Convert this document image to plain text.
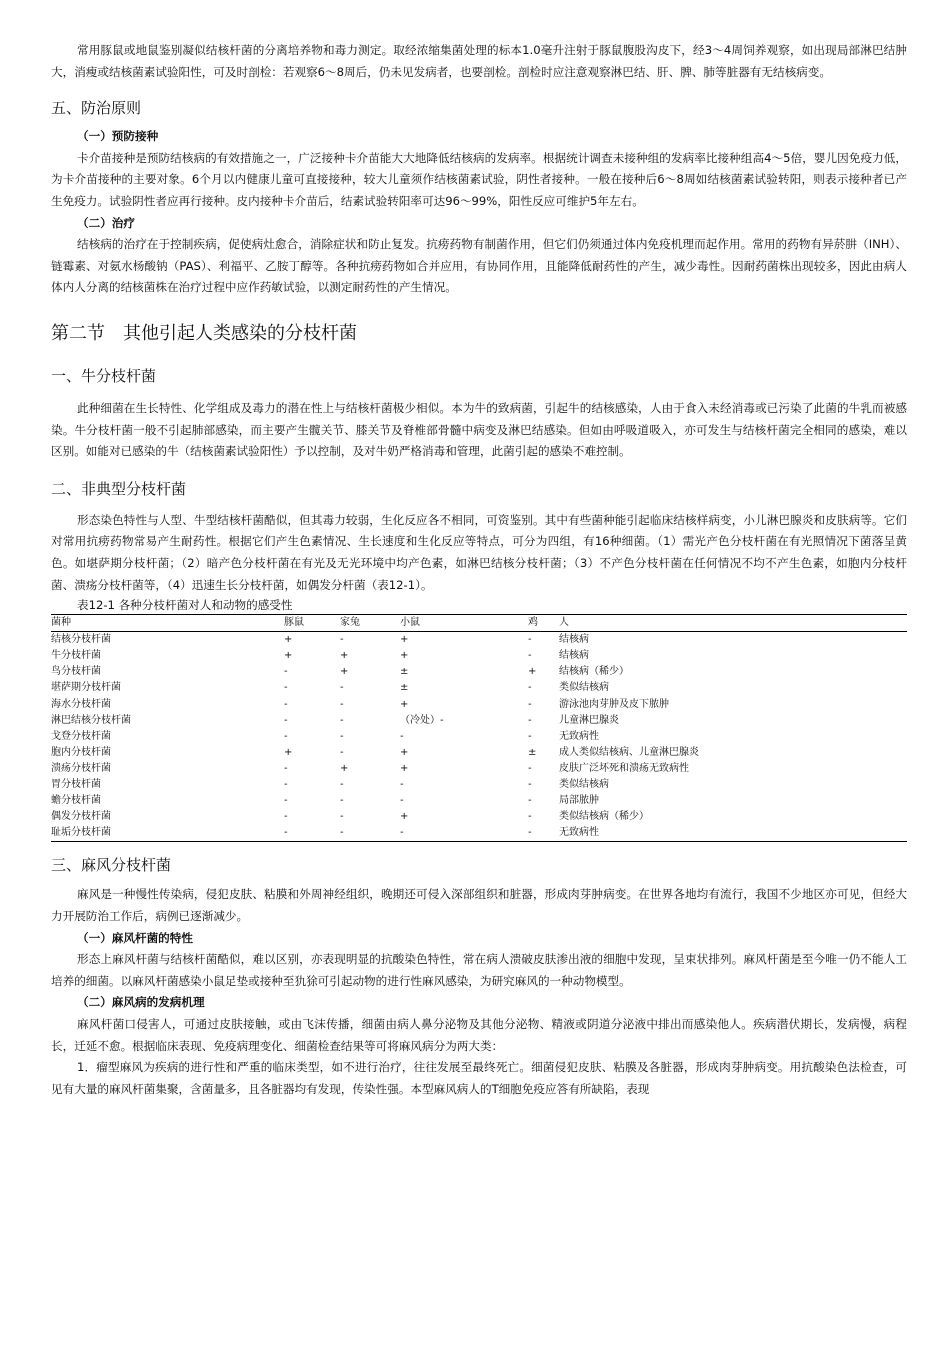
常用豚鼠或地鼠鉴别凝似结核杆菌的分离培养物和毒力测定。取经浓缩集菌处理的标本1.0毫升注射于豚鼠腹股沟皮下，经3～4周饲养观察，如出现局部淋巴结肿大，消瘦或结核菌素试验阳性，可及时剖检：若观察6～8周后，仍未见发病者，也要剖检。剖检时应注意观察淋巴结、肝、脾、肺等脏器有无结核病变。

五、防治原则
（一）预防接种

卡介苗接种是预防结核病的有效措施之一，广泛接种卡介苗能大大地降低结核病的发病率。根据统计调查未接种组的发病率比接种组高4～5倍，婴儿因免疫力低，为卡介苗接种的主要对象。6个月以内健康儿童可直接接种，较大儿童须作结核菌素试验，阴性者接种。一般在接种后6～8周如结核菌素试验转阳，则表示接种者已产生免疫力。试验阴性者应再行接种。皮内接种卡介苗后，结素试验转阳率可达96～99%，阳性反应可维护5年左右。

（二）治疗

结核病的治疗在于控制疾病，促使病灶愈合，消除症状和防止复发。抗痨药物有制菌作用，但它们仍须通过体内免疫机理而起作用。常用的药物有异菸肼（INH）、链霉素、对氨水杨酸钠（PAS）、利福平、乙胺丁醇等。各种抗痨药物如合并应用，有协同作用，且能降低耐药性的产生，减少毒性。因耐药菌株出现较多，因此由病人体内人分离的结核菌株在治疗过程中应作药敏试验，以测定耐药性的产生情况。

第二节　其他引起人类感染的分枝杆菌
一、牛分枝杆菌

此种细菌在生长特性、化学组成及毒力的潜在性上与结核杆菌极少相似。本为牛的致病菌，引起牛的结核感染，人由于食入未经消毒或已污染了此菌的牛乳而被感染。牛分枝杆菌一般不引起肺部感染，而主要产生髋关节、膝关节及脊椎部骨髓中病变及淋巴结感染。但如由呼吸道吸入，亦可发生与结核杆菌完全相同的感染，难以区别。如能对已感染的牛（结核菌素试验阳性）予以控制，及对牛奶严格消毒和管理，此菌引起的感染不难控制。

二、非典型分枝杆菌

形态染色特性与人型、牛型结核杆菌酷似，但其毒力较弱，生化反应各不相同，可资鉴别。其中有些菌种能引起临床结核样病变，小儿淋巴腺炎和皮肤病等。它们对常用抗痨药物常易产生耐药性。根据它们产生色素情况、生长速度和生化反应等特点，可分为四组，有16种细菌。（1）需光产色分枝杆菌在有光照情况下菌落呈黄色。如堪萨期分枝杆菌；（2）暗产色分枝杆菌在有光及无光环境中均产色素，如淋巴结核分枝杆菌；（3）不产色分枝杆菌在任何情况不均不产生色素，如胞内分枝杆菌、溃疡分枝杆菌等，（4）迅速生长分枝杆菌，如偶发分杆菌（表12-1）。

表12-1 各种分枝杆菌对人和动物的感受性

菌种	豚鼠	家兔	小鼠	鸡	人
结核分枝杆菌	+	-	+	-	结核病
牛分枝杆菌	+	+	+	-	结核病
鸟分枝杆菌	-	+	±	+	结核病（稀少）
堪萨期分枝杆菌	-	-	±	-	类似结核病
海水分枝杆菌	-	-	+	-	游泳池肉芽肿及皮下脓肿
淋巴结核分枝杆菌	-	-	（冷处）-	-	儿童淋巴腺炎
戈登分枝杆菌	-	-	-	-	无致病性
胞内分枝杆菌	+	-	+	±	成人类似结核病、儿童淋巴腺炎
溃疡分枝杆菌	-	+	+	-	皮肤广泛坏死和溃疡无致病性
胃分枝杆菌	-	-	-	-	类似结核病
蟾分枝杆菌	-	-	-	-	局部脓肿
偶发分枝杆菌	-	-	+	-	类似结核病（稀少）
耻垢分枝杆菌	-	-	-	-	无致病性
三、麻风分枝杆菌

麻风是一种慢性传染病，侵犯皮肤、粘膜和外周神经组织，晚期还可侵入深部组织和脏器，形成肉芽肿病变。在世界各地均有流行，我国不少地区亦可见，但经大力开展防治工作后，病例已逐渐减少。

（一）麻风杆菌的特性

形态上麻风杆菌与结核杆菌酷似，难以区别，亦表现明显的抗酸染色特性，常在病人溃破皮肤渗出液的细胞中发现，呈束状排列。麻风杆菌是至今唯一仍不能人工培养的细菌。以麻风杆菌感染小鼠足垫或接种至犰狳可引起动物的进行性麻风感染，为研究麻风的一种动物模型。

（二）麻风病的发病机理

麻风杆菌口侵害人，可通过皮肤接触，或由飞沫传播，细菌由病人鼻分泌物及其他分泌物、精液或阴道分泌液中排出而感染他人。疾病潜伏期长，发病慢，病程长，迁延不愈。根据临床表现、免疫病理变化、细菌检查结果等可将麻风病分为两大类：

1．瘤型麻风为疾病的进行性和严重的临床类型，如不进行治疗，往往发展至最终死亡。细菌侵犯皮肤、粘膜及各脏器，形成肉芽肿病变。用抗酸染色法检查，可见有大量的麻风杆菌集聚，含菌量多，且各脏器均有发现，传染性强。本型麻风病人的T细胞免疫应答有所缺陷，表现
